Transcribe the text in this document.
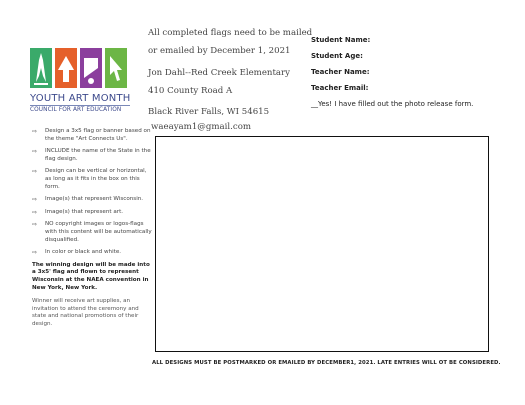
YOUTH ART MONTH
COUNCIL FOR ART EDUCATION
All completed flags need to be mailed
or emailed by December 1, 2021
Jon Dahl--Red Creek Elementary
410 County Road A
Black River Falls, WI 54615
waeayam1@gmail.com
Student Name:
Student Age:
Teacher Name:
Teacher Email:
__Yes! I have filled out the photo release form.
⇨	Design a 3x5 flag or banner based on the theme "Art Connects Us".
⇨	INCLUDE the name of the State in the flag design.
⇨	Design can be vertical or horizontal, as long as it fits in the box on this form.
⇨	Image(s) that represent Wisconsin.
⇨	Image(s) that represent art.
⇨	NO copyright images or logos-flags with this content will be automatically disqualified.
⇨	In color or black and white.
The winning design will be made into a 3x5' flag and flown to represent Wisconsin at the NAEA convention in New York, New York.
Winner will receive art supplies, an invitation to attend the ceremony and state and national promotions of their design.
ALL DESIGNS MUST BE POSTMARKED OR EMAILED BY DECEMBER1, 2021. LATE ENTRIES WILL OT BE CONSIDERED.
